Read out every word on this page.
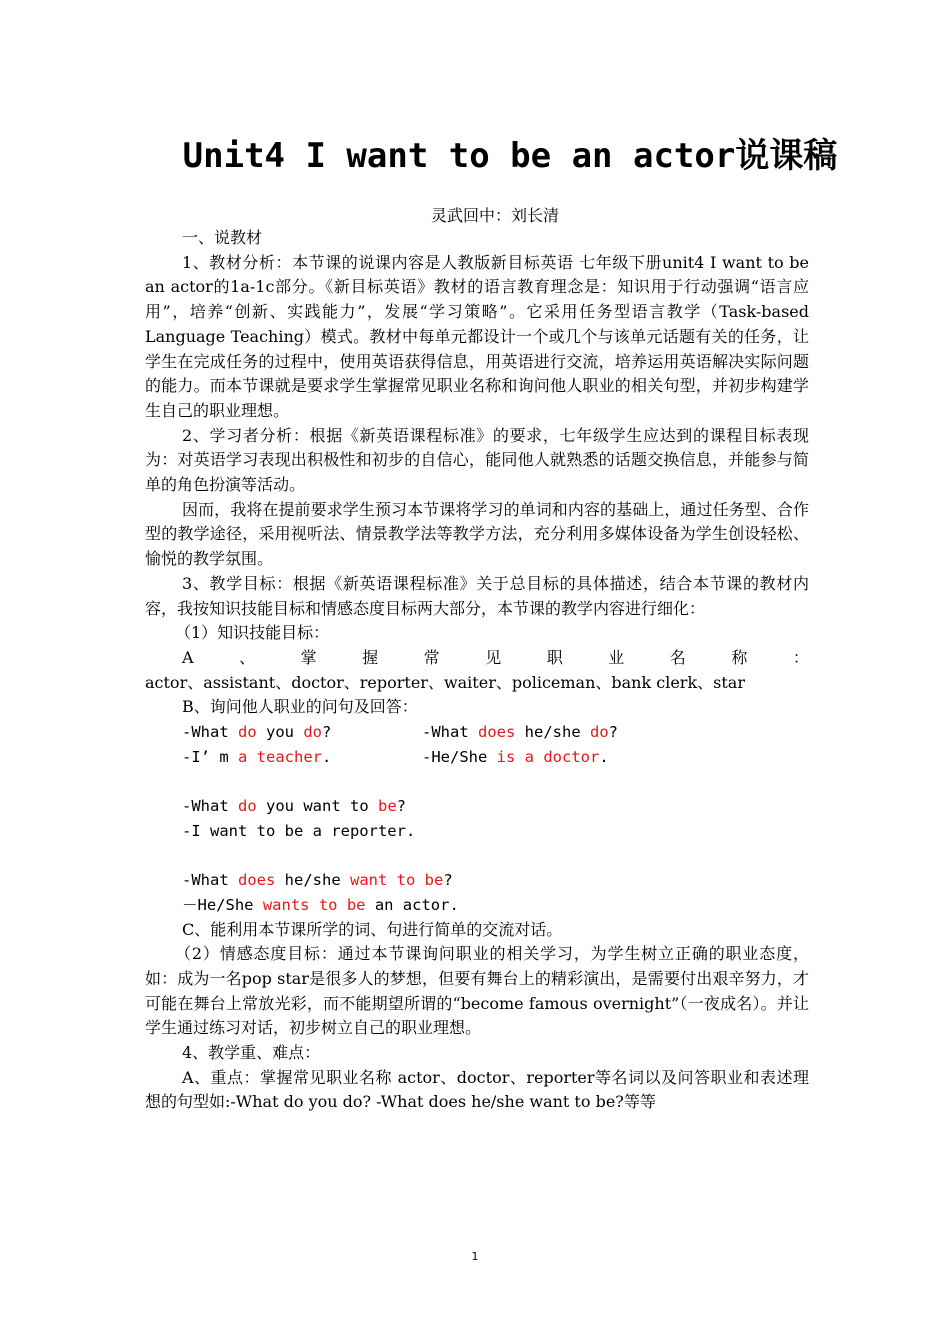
Unit4 I want to be an actor说课稿
灵武回中：刘长清

一、说教材

1、教材分析：本节课的说课内容是人教版新目标英语 七年级下册unit4 I want to be an actor的1a-1c部分。《新目标英语》教材的语言教育理念是：知识用于行动强调“语言应用”，培养“创新、实践能力”，发展“学习策略”。它采用任务型语言教学（Task-based Language Teaching）模式。教材中每单元都设计一个或几个与该单元话题有关的任务，让学生在完成任务的过程中，使用英语获得信息，用英语进行交流，培养运用英语解决实际问题的能力。而本节课就是要求学生掌握常见职业名称和询问他人职业的相关句型，并初步构建学生自己的职业理想。

2、学习者分析：根据《新英语课程标准》的要求，七年级学生应达到的课程目标表现为：对英语学习表现出积极性和初步的自信心，能同他人就熟悉的话题交换信息，并能参与简单的角色扮演等活动。

因而，我将在提前要求学生预习本节课将学习的单词和内容的基础上，通过任务型、合作型的教学途径，采用视听法、情景教学法等教学方法，充分利用多媒体设备为学生创设轻松、愉悦的教学氛围。

3、教学目标：根据《新英语课程标准》关于总目标的具体描述，结合本节课的教材内容，我按知识技能目标和情感态度目标两大部分，本节课的教学内容进行细化：

（1）知识技能目标：

A	、	掌	握	常	见	职	业	名	称	：

actor、assistant、doctor、reporter、waiter、policeman、bank clerk、star

B、询问他人职业的问句及回答：

-What do you do?	-What does he/she do?
-I’ m a teacher.	-He/She is a doctor.
-What do you want to be?
-I want to be a reporter.
-What does he/she want to be?
－He/She wants to be an actor.

C、能利用本节课所学的词、句进行简单的交流对话。

（2）情感态度目标：通过本节课询问职业的相关学习，为学生树立正确的职业态度，如：成为一名pop star是很多人的梦想，但要有舞台上的精彩演出，是需要付出艰辛努力，才可能在舞台上常放光彩，而不能期望所谓的“become famous overnight”（一夜成名）。并让学生通过练习对话，初步树立自己的职业理想。

4、教学重、难点：

A、重点：掌握常见职业名称 actor、doctor、reporter等名词以及问答职业和表述理想的句型如:-What do you do? -What does he/she want to be?等等

1
